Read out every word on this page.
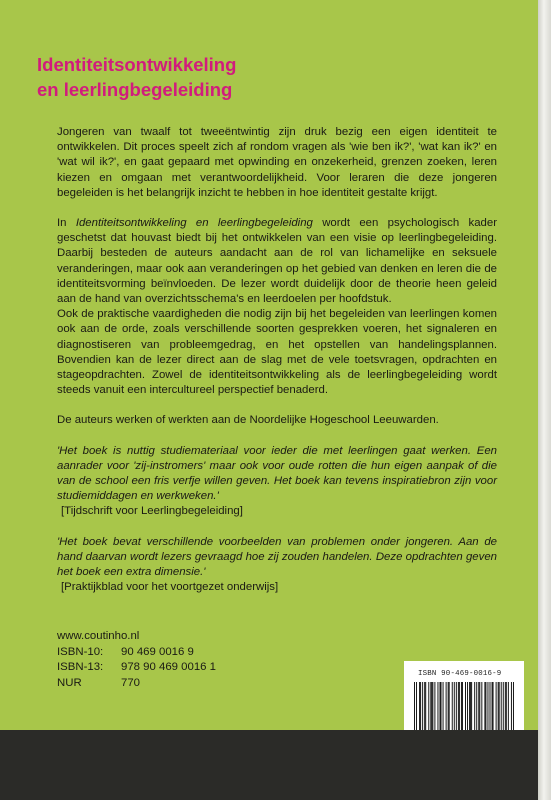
Identiteitsontwikkeling
en leerlingbegeleiding

Jongeren van twaalf tot tweeëntwintig zijn druk bezig een eigen identiteit te ontwikkelen. Dit proces speelt zich af rondom vragen als 'wie ben ik?', 'wat kan ik?' en 'wat wil ik?', en gaat gepaard met opwinding en onzekerheid, grenzen zoeken, leren kiezen en omgaan met verantwoordelijkheid. Voor leraren die deze jongeren begeleiden is het belangrijk inzicht te hebben in hoe identiteit gestalte krijgt.

In Identiteitsontwikkeling en leerlingbegeleiding wordt een psychologisch kader geschetst dat houvast biedt bij het ontwikkelen van een visie op leerlingbegeleiding. Daarbij besteden de auteurs aandacht aan de rol van lichamelijke en seksuele veranderingen, maar ook aan veranderingen op het gebied van denken en leren die de identiteitsvorming beïnvloeden. De lezer wordt duidelijk door de theorie heen geleid aan de hand van overzichtsschema's en leerdoelen per hoofdstuk.

Ook de praktische vaardigheden die nodig zijn bij het begeleiden van leerlingen komen ook aan de orde, zoals verschillende soorten gesprekken voeren, het signaleren en diagnostiseren van probleemgedrag, en het opstellen van handelingsplannen. Bovendien kan de lezer direct aan de slag met de vele toetsvragen, opdrachten en stageopdrachten. Zowel de identiteitsontwikkeling als de leerlingbegeleiding wordt steeds vanuit een intercultureel perspectief benaderd.

De auteurs werken of werkten aan de Noordelijke Hogeschool Leeuwarden.

'Het boek is nuttig studiemateriaal voor ieder die met leerlingen gaat werken. Een aanrader voor 'zij-instromers' maar ook voor oude rotten die hun eigen aanpak of die van de school een fris verfje willen geven. Het boek kan tevens inspiratiebron zijn voor studiemiddagen en werkweken.'

[Tijdschrift voor Leerlingbegeleiding]

'Het boek bevat verschillende voorbeelden van problemen onder jongeren. Aan de hand daarvan wordt lezers gevraagd hoe zij zouden handelen. Deze opdrachten geven het boek een extra dimensie.'

[Praktijkblad voor het voortgezet onderwijs]

www.coutinho.nl
ISBN-10:	90 469 0016 9
ISBN-13:	978 90 469 0016 1
NUR	770
ISBN 90-469-0016-9
